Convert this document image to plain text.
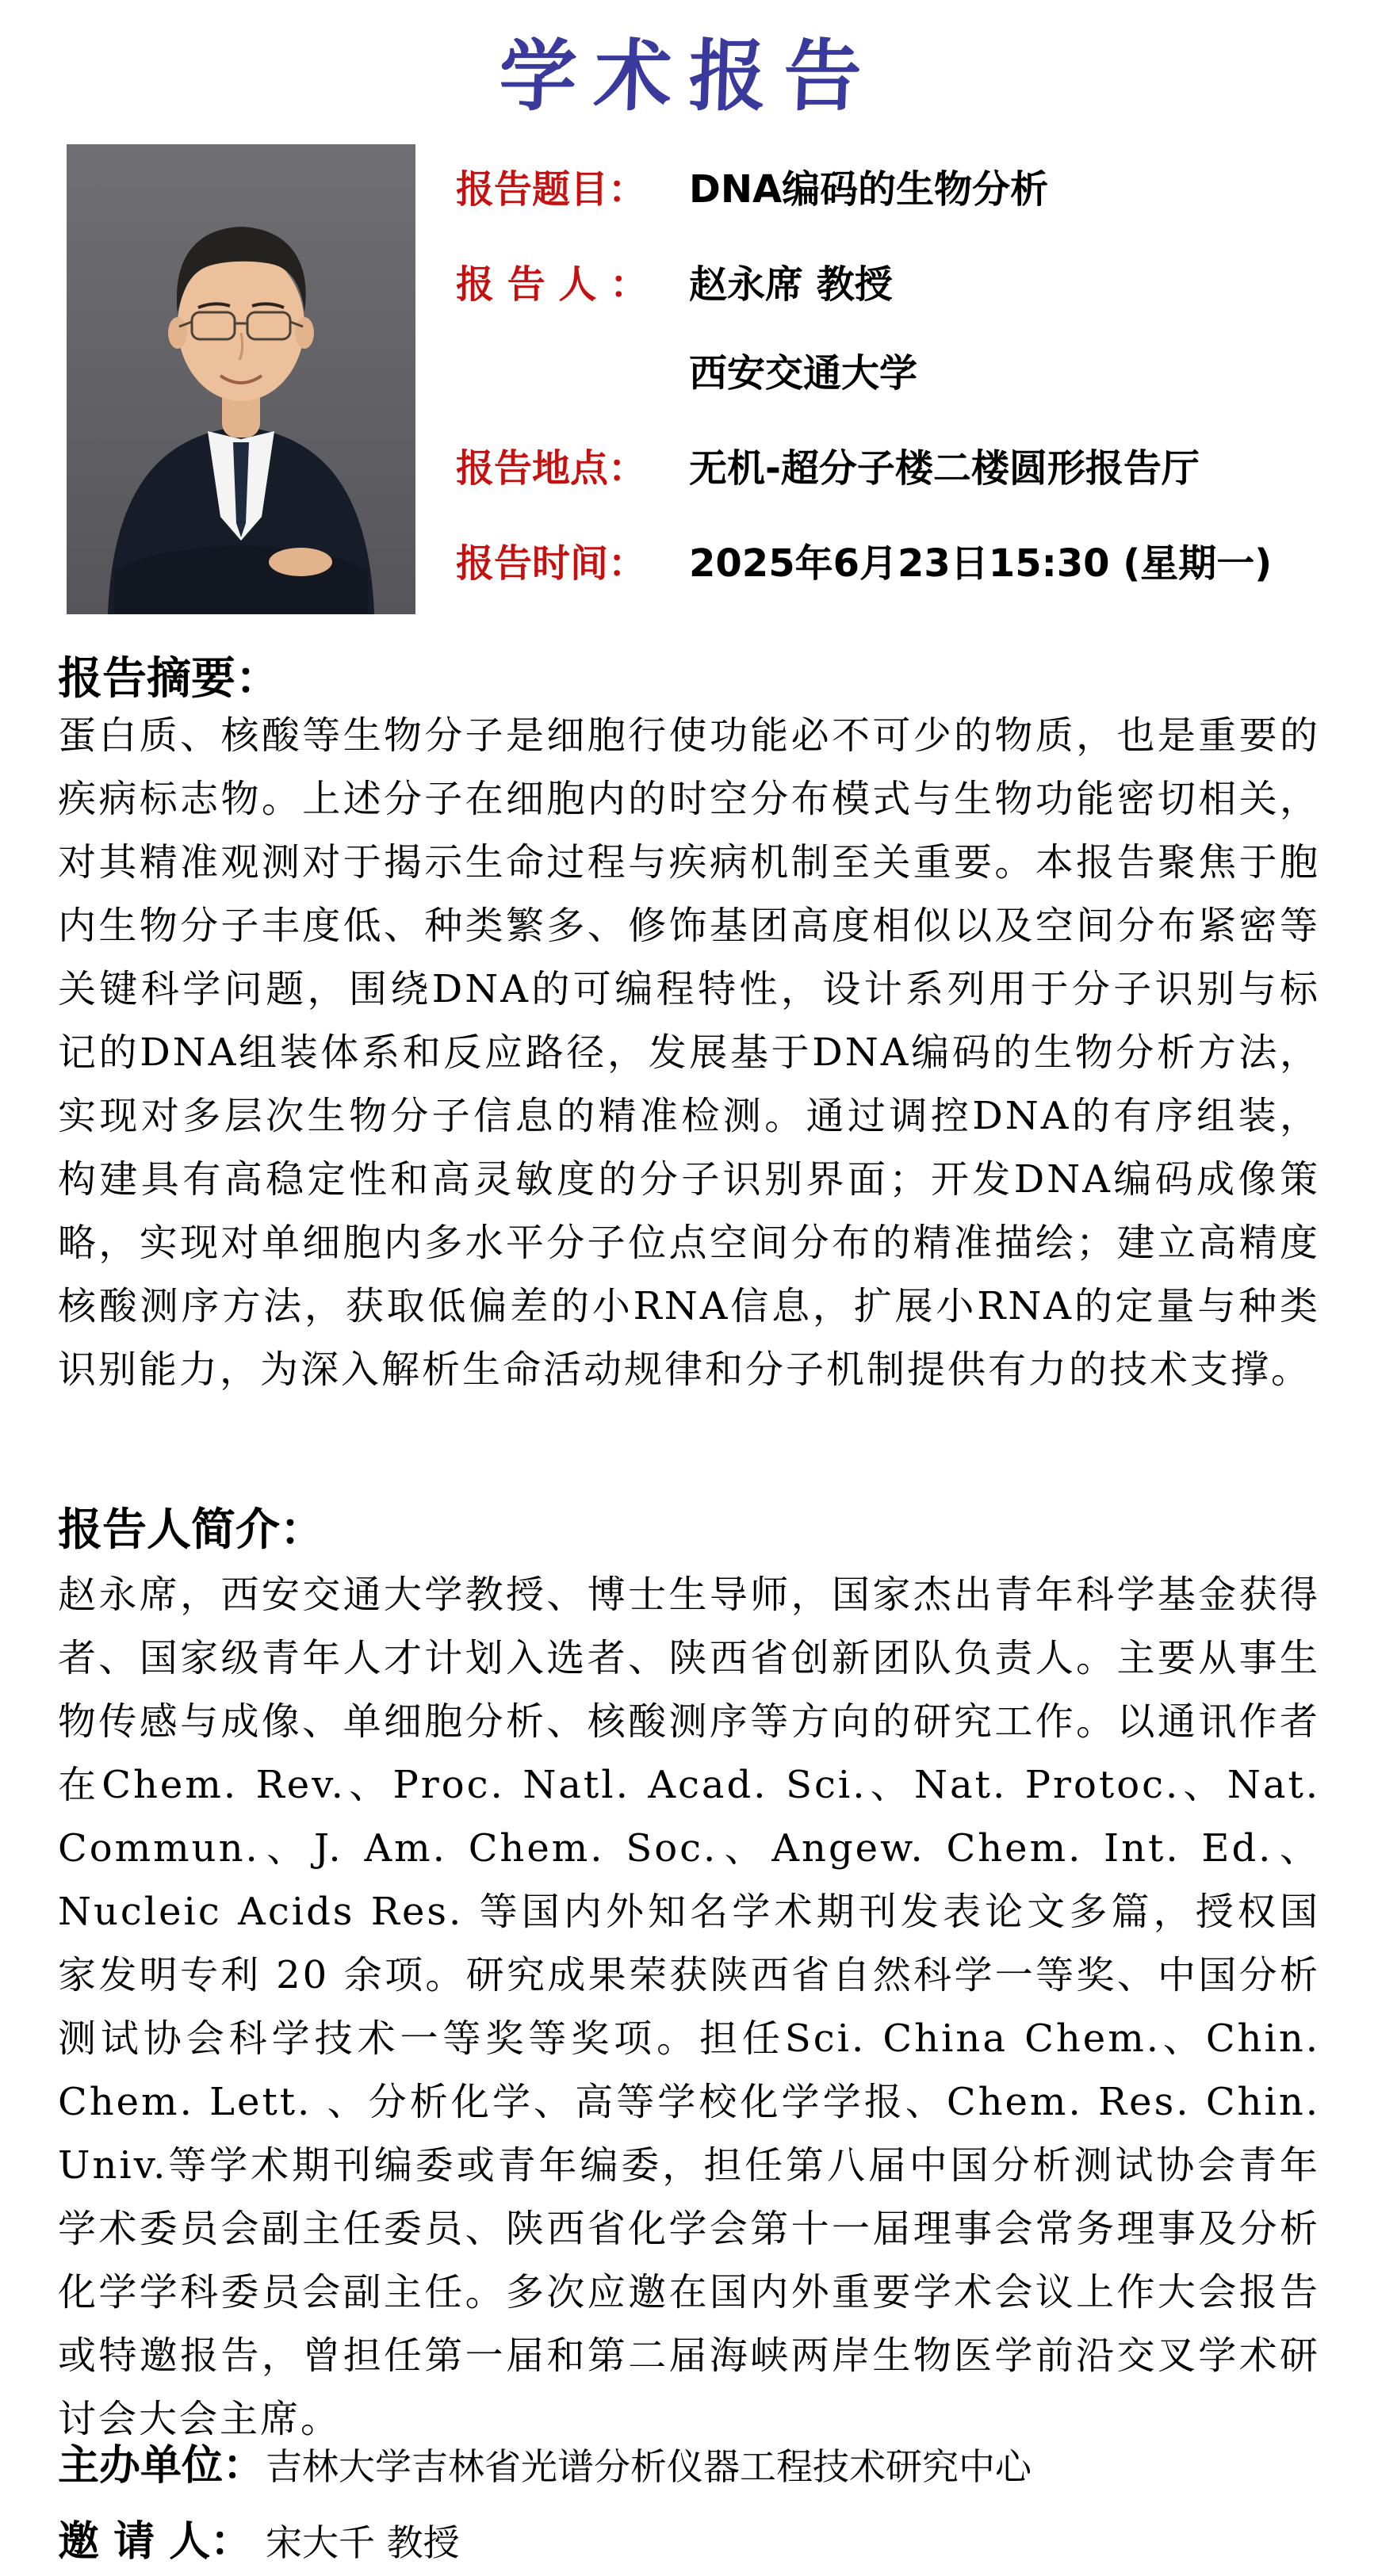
学术报告
报告题目：	DNA编码的生物分析
报 告 人 ：	赵永席 教授
西安交通大学
报告地点：	无机-超分子楼二楼圆形报告厅
报告时间：	2025年6月23日15:30 (星期一)
报告摘要：

蛋白质、核酸等生物分子是细胞行使功能必不可少的物质，也是重要的疾病标志物。上述分子在细胞内的时空分布模式与生物功能密切相关，对其精准观测对于揭示生命过程与疾病机制至关重要。本报告聚焦于胞内生物分子丰度低、种类繁多、修饰基团高度相似以及空间分布紧密等关键科学问题，围绕DNA的可编程特性，设计系列用于分子识别与标记的DNA组装体系和反应路径，发展基于DNA编码的生物分析方法，实现对多层次生物分子信息的精准检测。通过调控DNA的有序组装，构建具有高稳定性和高灵敏度的分子识别界面；开发DNA编码成像策略，实现对单细胞内多水平分子位点空间分布的精准描绘；建立高精度核酸测序方法，获取低偏差的小RNA信息，扩展小RNA的定量与种类识别能力，为深入解析生命活动规律和分子机制提供有力的技术支撑。

报告人简介：

赵永席，西安交通大学教授、博士生导师，国家杰出青年科学基金获得者、国家级青年人才计划入选者、陕西省创新团队负责人。主要从事生物传感与成像、单细胞分析、核酸测序等方向的研究工作。以通讯作者在Chem. Rev.、Proc. Natl. Acad. Sci.、Nat. Protoc.、Nat. Commun.、J. Am. Chem. Soc.、Angew. Chem. Int. Ed.、Nucleic Acids Res. 等国内外知名学术期刊发表论文多篇，授权国家发明专利 20 余项。研究成果荣获陕西省自然科学一等奖、中国分析测试协会科学技术一等奖等奖项。担任Sci. China Chem.、Chin. Chem. Lett. 、分析化学、高等学校化学学报、Chem. Res. Chin. Univ.等学术期刊编委或青年编委，担任第八届中国分析测试协会青年学术委员会副主任委员、陕西省化学会第十一届理事会常务理事及分析化学学科委员会副主任。多次应邀在国内外重要学术会议上作大会报告或特邀报告，曾担任第一届和第二届海峡两岸生物医学前沿交叉学术研讨会大会主席。

主办单位： 吉林大学吉林省光谱分析仪器工程技术研究中心
邀 请 人： 宋大千 教授
